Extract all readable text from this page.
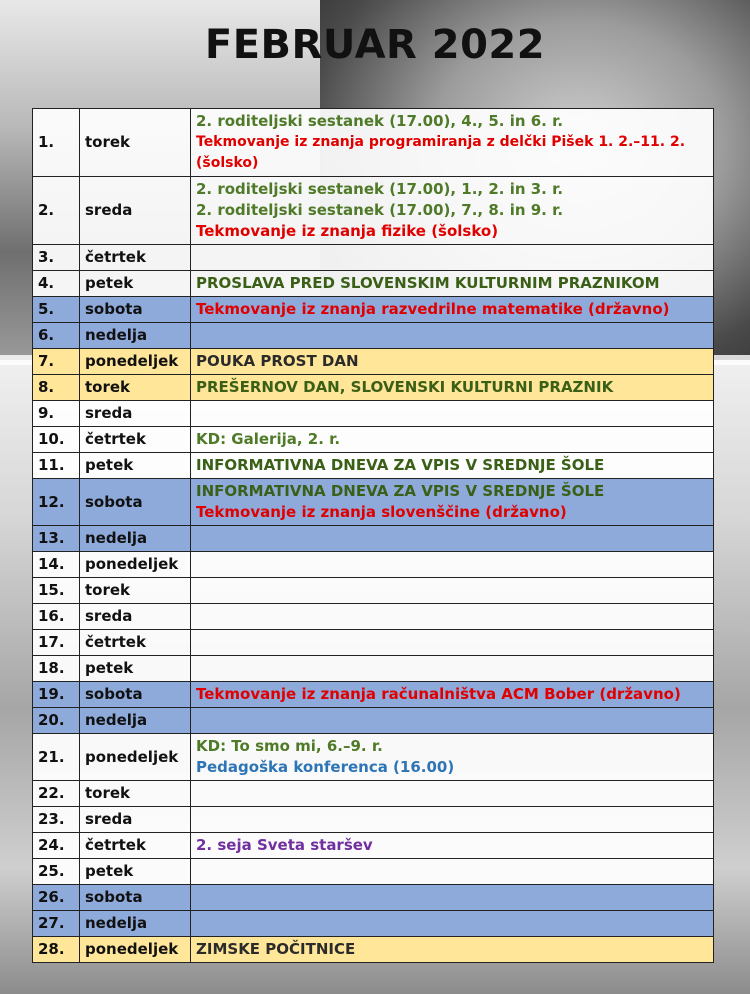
FEBRUAR 2022
1.	torek	2. roditeljski sestanek (17.00), 4., 5. in 6. r.
Tekmovanje iz znanja programiranja z delčki Pišek 1. 2.–11. 2.
(šolsko)

2.	sreda	2. roditeljski sestanek (17.00), 1., 2. in 3. r.
2. roditeljski sestanek (17.00), 7., 8. in 9. r.
Tekmovanje iz znanja fizike (šolsko)

3.	četrtek	
4.	petek	PROSLAVA PRED SLOVENSKIM KULTURNIM PRAZNIKOM

5.	sobota	Tekmovanje iz znanja razvedrilne matematike (državno)

6.	nedelja	
7.	ponedeljek	POUKA PROST DAN

8.	torek	PREŠERNOV DAN, SLOVENSKI KULTURNI PRAZNIK

9.	sreda	
10.	četrtek	KD: Galerija, 2. r.

11.	petek	INFORMATIVNA DNEVA ZA VPIS V SREDNJE ŠOLE

12.	sobota	INFORMATIVNA DNEVA ZA VPIS V SREDNJE ŠOLE
Tekmovanje iz znanja slovenščine (državno)

13.	nedelja	
14.	ponedeljek	
15.	torek	
16.	sreda	
17.	četrtek	
18.	petek	
19.	sobota	Tekmovanje iz znanja računalništva ACM Bober (državno)

20.	nedelja	
21.	ponedeljek	KD: To smo mi, 6.–9. r.
Pedagoška konferenca (16.00)

22.	torek	
23.	sreda	
24.	četrtek	2. seja Sveta staršev

25.	petek	
26.	sobota	
27.	nedelja	
28.	ponedeljek	ZIMSKE POČITNICE
